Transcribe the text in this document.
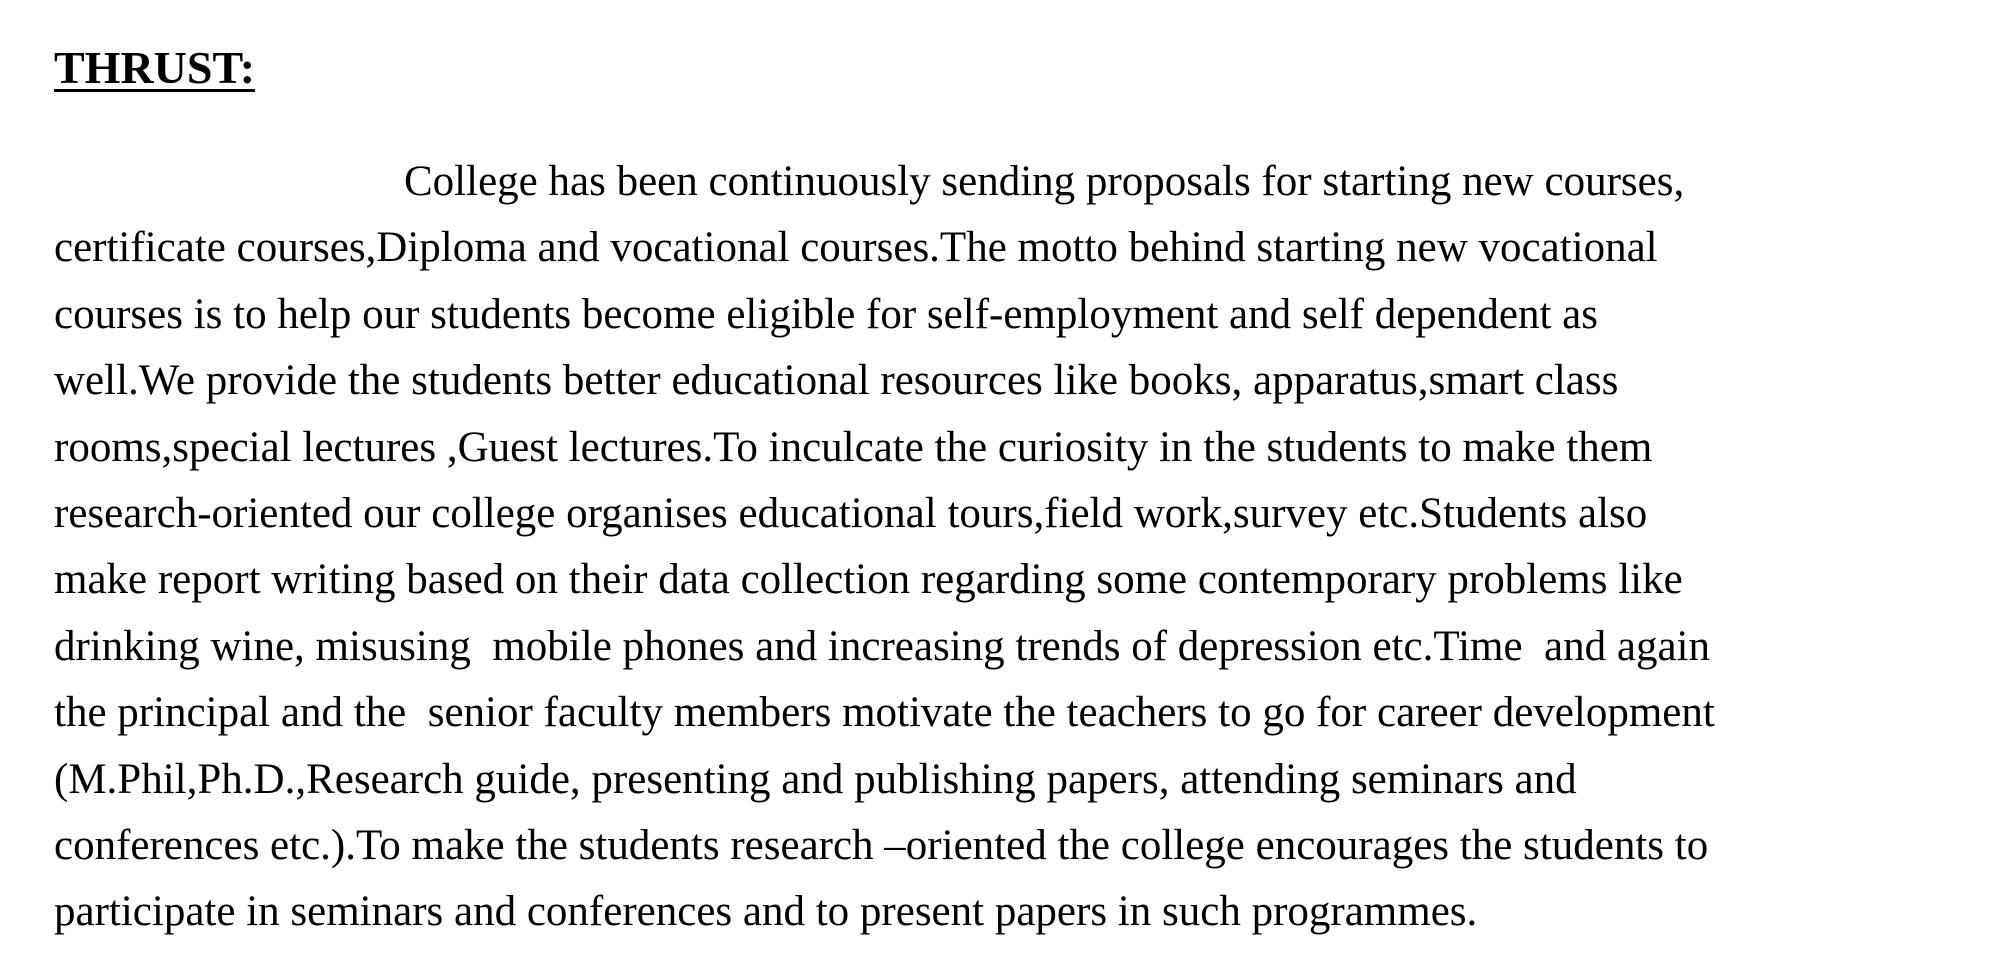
THRUST:
College has been continuously sending proposals for starting new courses,
certificate courses,Diploma and vocational courses.The motto behind starting new vocational
courses is to help our students become eligible for self-employment and self dependent as
well.We provide the students better educational resources like books, apparatus,smart class
rooms,special lectures ,Guest lectures.To inculcate the curiosity in the students to make them
research-oriented our college organises educational tours,field work,survey etc.Students also
make report writing based on their data collection regarding some contemporary problems like
drinking wine, misusing  mobile phones and increasing trends of depression etc.Time  and again
the principal and the  senior faculty members motivate the teachers to go for career development
(M.Phil,Ph.D.,Research guide, presenting and publishing papers, attending seminars and
conferences etc.).To make the students research –oriented the college encourages the students to
participate in seminars and conferences and to present papers in such programmes.
